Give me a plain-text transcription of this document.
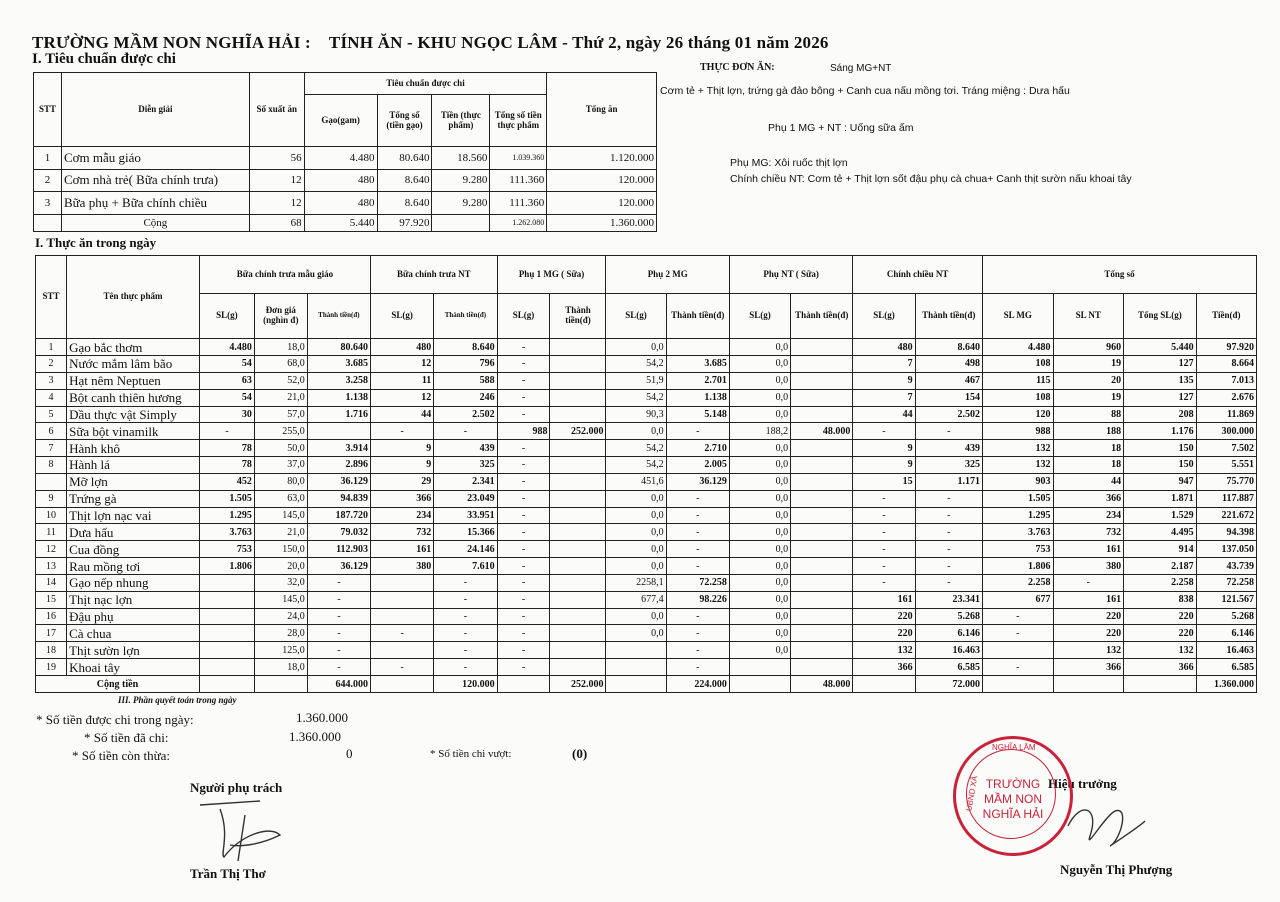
TRƯỜNG MẦM NON NGHĨA HẢI : TÍNH ĂN - KHU NGỌC LÂM - Thứ 2, ngày 26 tháng 01 năm 2026
I. Tiêu chuẩn được chi
THỰC ĐƠN ĂN:	Sáng MG+NT
Cơm tẻ + Thịt lợn, trứng gà đảo bông + Canh cua nấu mồng tơi. Tráng miệng : Dưa hấu
Phụ 1 MG + NT : Uống sữa ấm
Phụ MG: Xôi ruốc thịt lợn
Chính chiều NT: Cơm tẻ + Thịt lợn sốt đậu phụ cà chua+ Canh thịt sườn nấu khoai tây
STT	Diễn giải	Số xuất ăn	Tiêu chuẩn được chi				Tổng ăn
			Gạo(gam)	Tổng số (tiền gạo)	Tiền (thực phẩm)	Tổng số tiền thực phẩm	
1	Cơm mẫu giáo	56	4.480	80.640	18.560	1.039.360	1.120.000
2	Cơm nhà trẻ( Bữa chính trưa)	12	480	8.640	9.280	111.360	120.000
3	Bữa phụ + Bữa chính chiều	12	480	8.640	9.280	111.360	120.000
	Cộng	68	5.440	97.920		1.262.080	1.360.000
I. Thực ăn trong ngày
STT	Tên thực phẩm	Bữa chính trưa mẫu giáo			Bữa chính trưa NT		Phụ 1 MG ( Sữa)		Phụ 2 MG		Phụ NT ( Sữa)		Chính chiều NT		Tổng số			
		SL(g)	Đơn giá (nghìn đ)	Thành tiền(đ)	SL(g)	Thành tiền(đ)	SL(g)	Thành tiền(đ)	SL(g)	Thành tiền(đ)	SL(g)	Thành tiền(đ)	SL(g)	Thành tiền(đ)	SL MG	SL NT	Tổng SL(g)	Tiền(đ)
1	Gạo bắc thơm	4.480	18,0	80.640	480	8.640	-		0,0		0,0		480	8.640	4.480	960	5.440	97.920
2	Nước mắm lâm bão	54	68,0	3.685	12	796	-		54,2	3.685	0,0		7	498	108	19	127	8.664
3	Hạt nêm Neptuen	63	52,0	3.258	11	588	-		51,9	2.701	0,0		9	467	115	20	135	7.013
4	Bột canh thiên hương	54	21,0	1.138	12	246	-		54,2	1.138	0,0		7	154	108	19	127	2.676
5	Dầu thực vật Simply	30	57,0	1.716	44	2.502	-		90,3	5.148	0,0		44	2.502	120	88	208	11.869
6	Sữa bột vinamilk	-	255,0		-	-	988	252.000	0,0	-	188,2	48.000	-	-	988	188	1.176	300.000
7	Hành khô	78	50,0	3.914	9	439	-		54,2	2.710	0,0		9	439	132	18	150	7.502
8	Hành lá	78	37,0	2.896	9	325	-		54,2	2.005	0,0		9	325	132	18	150	5.551
	Mỡ lợn	452	80,0	36.129	29	2.341	-		451,6	36.129	0,0		15	1.171	903	44	947	75.770
9	Trứng gà	1.505	63,0	94.839	366	23.049	-		0,0	-	0,0		-	-	1.505	366	1.871	117.887
10	Thịt lợn nạc vai	1.295	145,0	187.720	234	33.951	-		0,0	-	0,0		-	-	1.295	234	1.529	221.672
11	Dưa hấu	3.763	21,0	79.032	732	15.366	-		0,0	-	0,0		-	-	3.763	732	4.495	94.398
12	Cua đồng	753	150,0	112.903	161	24.146	-		0,0	-	0,0		-	-	753	161	914	137.050
13	Rau mồng tơi	1.806	20,0	36.129	380	7.610	-		0,0	-	0,0		-	-	1.806	380	2.187	43.739
14	Gạo nếp nhung		32,0	-		-	-		2258,1	72.258	0,0		-	-	2.258	-	2.258	72.258
15	Thịt nạc lợn		145,0	-		-	-		677,4	98.226	0,0		161	23.341	677	161	838	121.567
16	Đậu phụ		24,0	-		-	-		0,0	-	0,0		220	5.268	-	220	220	5.268
17	Cà chua		28,0	-	-	-	-		0,0	-	0,0		220	6.146	-	220	220	6.146
18	Thịt sườn lợn		125,0	-		-	-			-	0,0		132	16.463		132	132	16.463
19	Khoai tây		18,0	-	-	-	-			-			366	6.585	-	366	366	6.585
Cộng tiền				644.000		120.000		252.000		224.000		48.000		72.000				1.360.000
III. Phần quyết toán trong ngày
* Số tiền được chi trong ngày:	1.360.000
* Số tiền đã chi:	1.360.000
* Số tiền còn thừa:	0	* Số tiền chi vượt:	(0)
Người phụ trách
Trần Thị Thơ
Hiệu trưởng
Nguyễn Thị Phượng
NGHĨA LÂM
UBND XÃ TRƯỜNG
MẦM NON
NGHĨA HẢI
